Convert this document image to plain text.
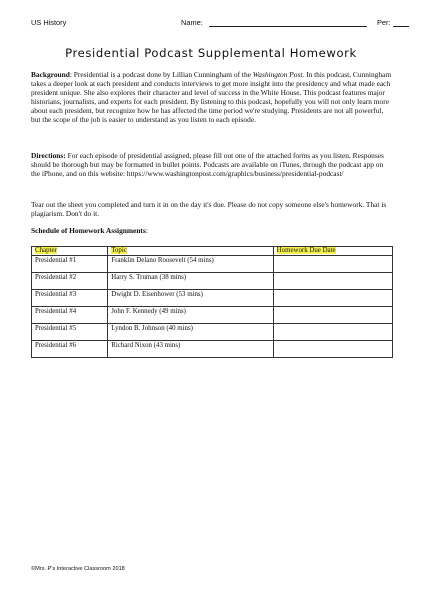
US History	Name:	Per:
Presidential Podcast Supplemental Homework

Background: Presidential is a podcast done by Lillian Cunningham of the Washington Post. In this podcast, Cunningham takes a deeper look at each president and conducts interviews to get more insight into the presidency and what made each president unique. She also explores their character and level of success in the White House. This podcast features major historians, journalists, and experts for each president. By listening to this podcast, hopefully you will not only learn more about each president, but recognize how he has affected the time period we're studying. Presidents are not all powerful, but the scope of the job is easier to understand as you listen to each episode.

Directions: For each episode of presidential assigned, please fill out one of the attached forms as you listen. Responses should be thorough but may be formatted in bullet points. Podcasts are available on iTunes, through the podcast app on the iPhone, and on this website: https://www.washingtonpost.com/graphics/business/presidential-podcast/

Tear out the sheet you completed and turn it in on the day it's due. Please do not copy someone else's homework. That is plagiarism. Don't do it.

Schedule of Homework Assignments:

Chapter	Topic	Homework Due Date
Presidential #1	Franklin Delano Roosevelt (54 mins)	
Presidential #2	Harry S. Truman (38 mins)	
Presidential #3	Dwight D. Eisenhower (53 mins)	
Presidential #4	John F. Kennedy (49 mins)	
Presidential #5	Lyndon B. Johnson (40 mins)	
Presidential #6	Richard Nixon (43 mins)	
©Mrs. P's Interactive Classroom 2018
